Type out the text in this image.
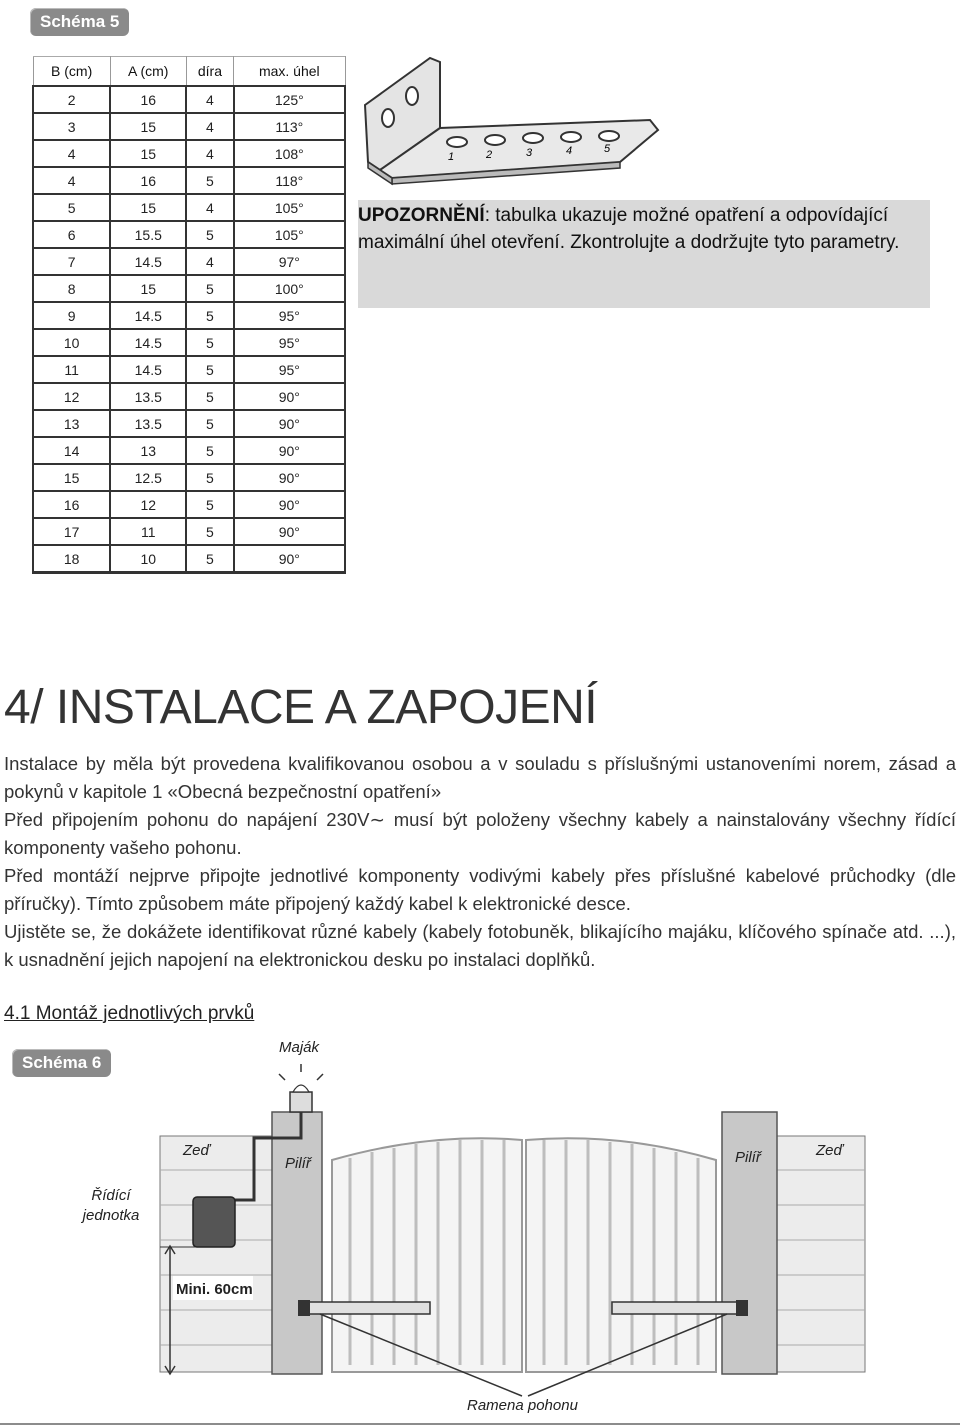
Schéma 5
B (cm)	A (cm)	díra	max. úhel
2	16	4	125°
3	15	4	113°
4	15	4	108°
4	16	5	118°
5	15	4	105°
6	15.5	5	105°
7	14.5	4	97°
8	15	5	100°
9	14.5	5	95°
10	14.5	5	95°
11	14.5	5	95°
12	13.5	5	90°
13	13.5	5	90°
14	13	5	90°
15	12.5	5	90°
16	12	5	90°
17	11	5	90°
18	10	5	90°
1	2	3	4	5
Mini. 60cm
UPOZORNĚNÍ: tabulka ukazuje možné opatření a odpovídající maximální úhel otevření. Zkontrolujte a dodržujte tyto parametry.
4/ INSTALACE A ZAPOJENÍ

Instalace by měla být provedena kvalifikovanou osobou a v souladu s příslušnými ustanoveními norem, zásad a pokynů v kapitole 1 «Obecná bezpečnostní opatření»

Před připojením pohonu do napájení 230V∼ musí být položeny všechny kabely a nainstalovány všechny řídící komponenty vašeho pohonu.

Před montáží nejprve připojte jednotlivé komponenty vodivými kabely přes příslušné kabelové průchodky (dle příručky). Tímto způsobem máte připojený každý kabel k elektronické desce.

Ujistěte se, že dokážete identifikovat různé kabely (kabely fotobuněk, blikajícího majáku, klíčového spínače atd. ...), k usnadnění jejich napojení na elektronickou desku po instalaci doplňků.

4.1 Montáž jednotlivých prvků
Schéma 6
Maják
Zeď
Pilíř	Pilíř	Zeď
Řídící jednotka
Ramena pohonu
